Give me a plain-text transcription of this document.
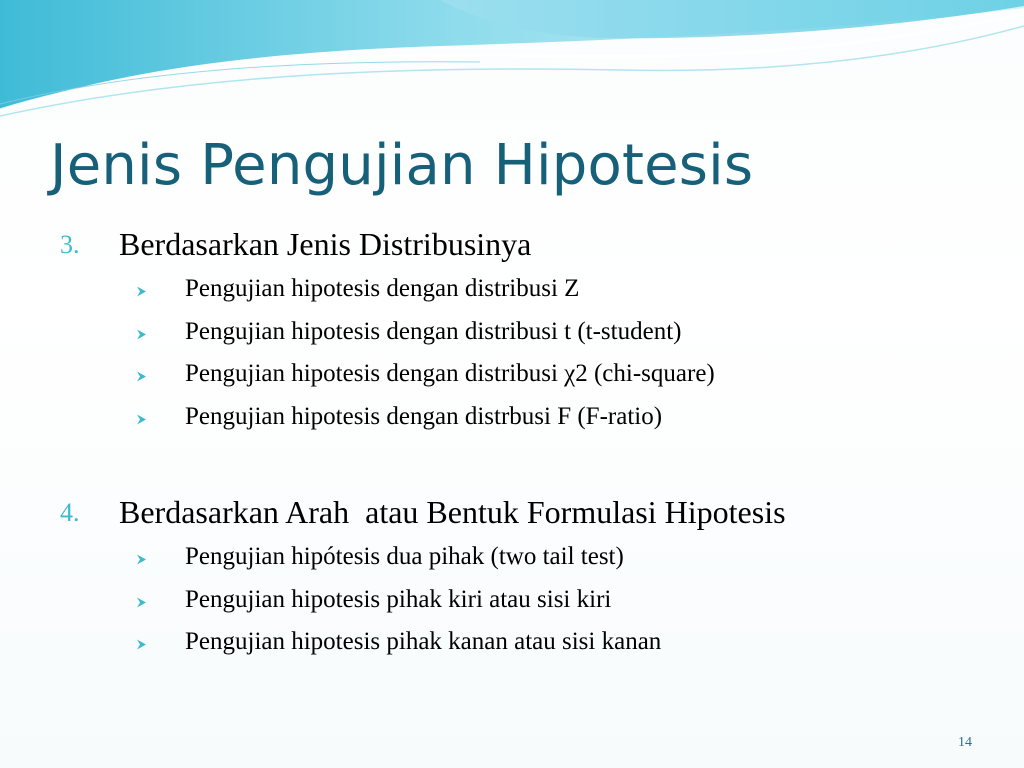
Jenis Pengujian Hipotesis
3. Berdasarkan Jenis Distribusinya
Pengujian hipotesis dengan distribusi Z
Pengujian hipotesis dengan distribusi t (t-student)
Pengujian hipotesis dengan distribusi χ2 (chi-square)
Pengujian hipotesis dengan distrbusi F (F-ratio)
4. Berdasarkan Arah  atau Bentuk Formulasi Hipotesis
Pengujian hipótesis dua pihak (two tail test)
Pengujian hipotesis pihak kiri atau sisi kiri
Pengujian hipotesis pihak kanan atau sisi kanan
14
